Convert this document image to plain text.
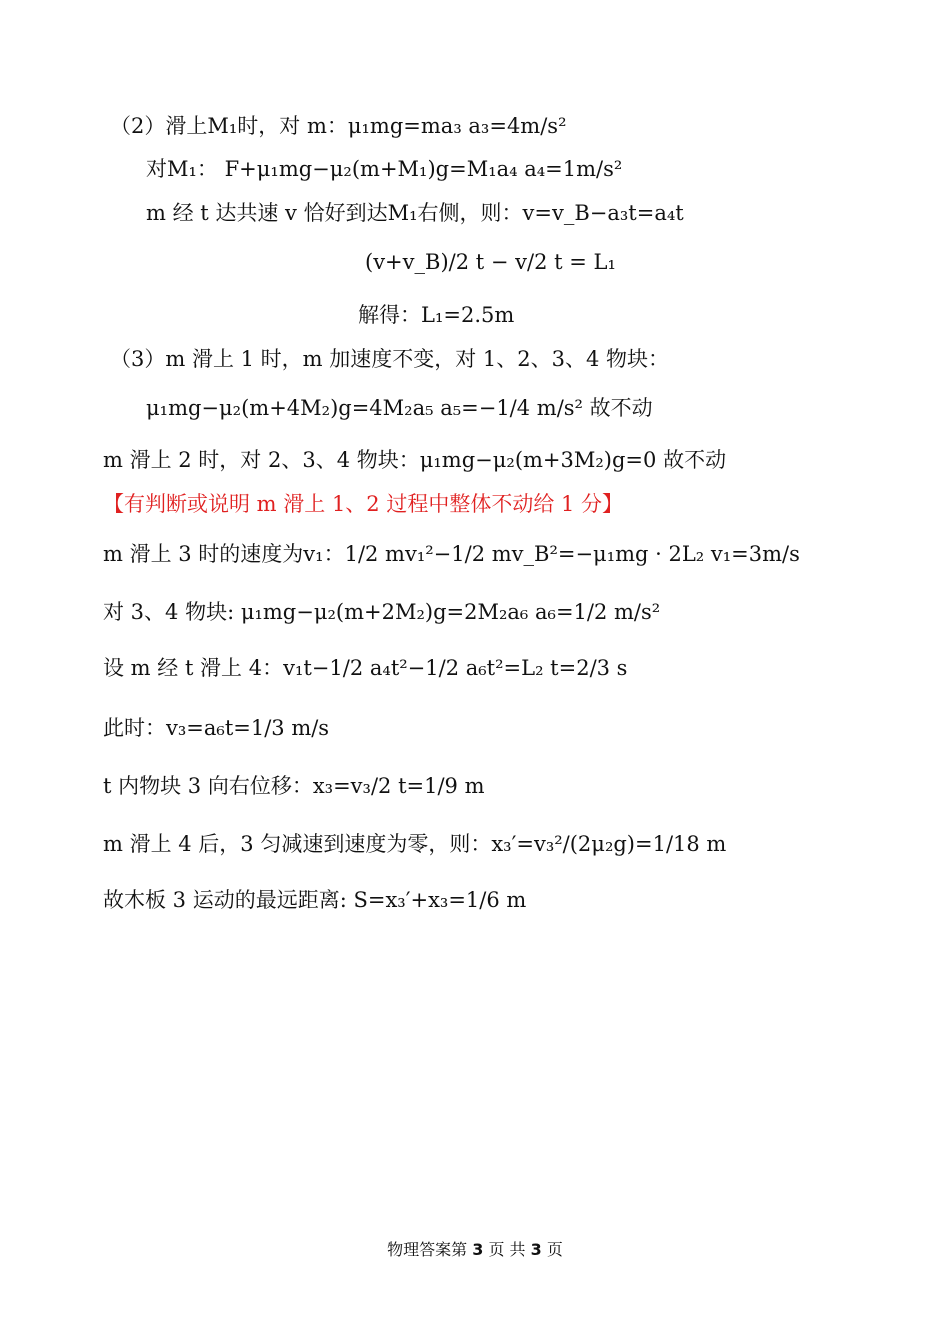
（2）滑上M₁时，对 m：μ₁mg=ma₃ a₃=4m/s²
对M₁： F+μ₁mg−μ₂(m+M₁)g=M₁a₄ a₄=1m/s²
m 经 t 达共速 v 恰好到达M₁右侧，则：v=v_B−a₃t=a₄t
(v+v_B)/2 t − v/2 t = L₁
解得：L₁=2.5m
（3）m 滑上 1 时，m 加速度不变，对 1、2、3、4 物块：
μ₁mg−μ₂(m+4M₂)g=4M₂a₅ a₅=−1/4 m/s² 故不动
m 滑上 2 时，对 2、3、4 物块：μ₁mg−μ₂(m+3M₂)g=0 故不动
【有判断或说明 m 滑上 1、2 过程中整体不动给 1 分】
m 滑上 3 时的速度为v₁：1/2 mv₁²−1/2 mv_B²=−μ₁mg · 2L₂ v₁=3m/s
对 3、4 物块: μ₁mg−μ₂(m+2M₂)g=2M₂a₆ a₆=1/2 m/s²
设 m 经 t 滑上 4：v₁t−1/2 a₄t²−1/2 a₆t²=L₂ t=2/3 s
此时：v₃=a₆t=1/3 m/s
t 内物块 3 向右位移：x₃=v₃/2 t=1/9 m
m 滑上 4 后，3 匀减速到速度为零，则：x₃′=v₃²/(2μ₂g)=1/18 m
故木板 3 运动的最远距离: S=x₃′+x₃=1/6 m
物理答案第 3 页 共 3 页
